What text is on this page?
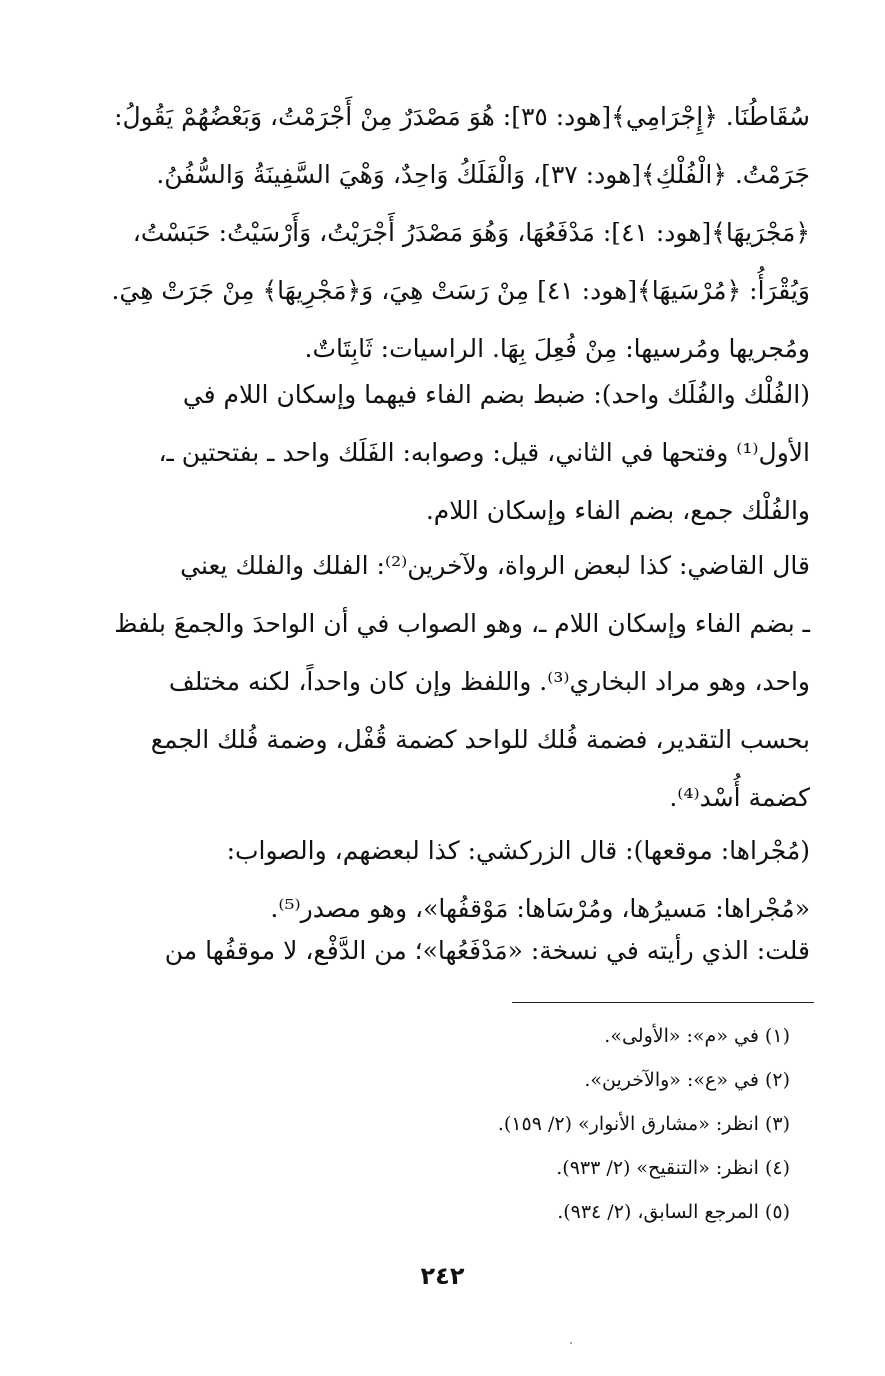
سُقَاطُنَا. ﴿إِجْرَامِي﴾[هود: ٣٥]: هُوَ مَصْدَرٌ مِنْ أَجْرَمْتُ، وَبَعْضُهُمْ يَقُولُ:
جَرَمْتُ. ﴿الْفُلْكِ﴾[هود: ٣٧]، وَالْفَلَكُ وَاحِدٌ، وَهْيَ السَّفِينَةُ وَالسُّفُنُ.
﴿مَجْرَيهَا﴾[هود: ٤١]: مَدْفَعُهَا، وَهُوَ مَصْدَرُ أَجْرَيْتُ، وَأَرْسَيْتُ: حَبَسْتُ،
وَيُقْرَأُ: ﴿مُرْسَيهَا﴾[هود: ٤١] مِنْ رَسَتْ هِيَ، وَ﴿مَجْرِيهَا﴾ مِنْ جَرَتْ هِيَ.
ومُجريها ومُرسيها: مِنْ فُعِلَ بِهَا. الراسيات: ثَابِتَاتٌ.

(الفُلْك والفُلَك واحد): ضبط بضم الفاء فيهما وإسكان اللام في
الأول⁽¹⁾ وفتحها في الثاني، قيل: وصوابه: الفَلَك واحد ـ بفتحتين ـ،
والفُلْك جمع، بضم الفاء وإسكان اللام.

قال القاضي: كذا لبعض الرواة، ولآخرين⁽²⁾: الفلك والفلك يعني
ـ بضم الفاء وإسكان اللام ـ، وهو الصواب في أن الواحدَ والجمعَ بلفظ
واحد، وهو مراد البخاري⁽³⁾. واللفظ وإن كان واحداً، لكنه مختلف
بحسب التقدير، فضمة فُلك للواحد كضمة قُفْل، وضمة فُلك الجمع
كضمة أُسْد⁽⁴⁾.

(مُجْراها: موقعها): قال الزركشي: كذا لبعضهم، والصواب:
«مُجْراها: مَسيرُها، ومُرْسَاها: مَوْقفُها»، وهو مصدر⁽⁵⁾.

قلت: الذي رأيته في نسخة: «مَدْفَعُها»؛ من الدَّفْع، لا موقفُها من

(١) في «م»: «الأولى».
(٢) في «ع»: «والآخرين».
(٣) انظر: «مشارق الأنوار» (٢/ ١٥٩).
(٤) انظر: «التنقيح» (٢/ ٩٣٣).
(٥) المرجع السابق، (٢/ ٩٣٤).
٢٤٢
